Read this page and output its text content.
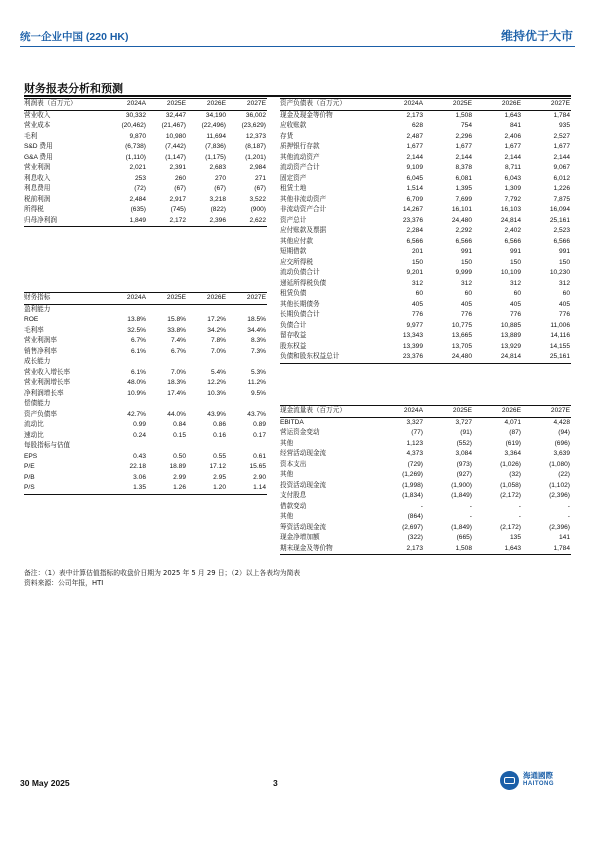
统一企业中国 (220 HK)	维持优于大市
财务报表分析和预测
利润表（百万元）	2024A	2025E	2026E	2027E
营业收入	30,332	32,447	34,190	36,002
营业成本	(20,462)	(21,467)	(22,496)	(23,629)
毛利	9,870	10,980	11,694	12,373
S&D 费用	(6,738)	(7,442)	(7,836)	(8,187)
G&A 费用	(1,110)	(1,147)	(1,175)	(1,201)
营业利润	2,021	2,391	2,683	2,984
利息收入	253	260	270	271
利息费用	(72)	(67)	(67)	(67)
税前利润	2,484	2,917	3,218	3,522
所得税	(635)	(745)	(822)	(900)
归母净利润	1,849	2,172	2,396	2,622
财务指标	2024A	2025E	2026E	2027E
盈利能力				
ROE	13.8%	15.8%	17.2%	18.5%
毛利率	32.5%	33.8%	34.2%	34.4%
营业利润率	6.7%	7.4%	7.8%	8.3%
销售净利率	6.1%	6.7%	7.0%	7.3%
成长能力				
营业收入增长率	6.1%	7.0%	5.4%	5.3%
营业利润增长率	48.0%	18.3%	12.2%	11.2%
净利润增长率	10.9%	17.4%	10.3%	9.5%
偿债能力				
资产负债率	42.7%	44.0%	43.9%	43.7%
流动比	0.99	0.84	0.86	0.89
速动比	0.24	0.15	0.16	0.17
每股指标与估值				
EPS	0.43	0.50	0.55	0.61
P/E	22.18	18.89	17.12	15.65
P/B	3.06	2.99	2.95	2.90
P/S	1.35	1.26	1.20	1.14
资产负债表（百万元）	2024A	2025E	2026E	2027E
现金及现金等价物	2,173	1,508	1,643	1,784
应收账款	628	754	841	935
存货	2,487	2,296	2,406	2,527
质押银行存款	1,677	1,677	1,677	1,677
其他流动资产	2,144	2,144	2,144	2,144
流动资产合计	9,109	8,378	8,711	9,067
固定资产	6,045	6,081	6,043	6,012
租赁土地	1,514	1,395	1,309	1,226
其他非流动资产	6,709	7,699	7,792	7,875
非流动资产合计	14,267	16,101	16,103	16,094
资产总计	23,376	24,480	24,814	25,161
应付账款及票据	2,284	2,292	2,402	2,523
其他应付款	6,566	6,566	6,566	6,566
短期借款	201	991	991	991
应交所得税	150	150	150	150
流动负债合计	9,201	9,999	10,109	10,230
递延所得税负债	312	312	312	312
租赁负债	60	60	60	60
其他长期债务	405	405	405	405
长期负债合计	776	776	776	776
负债合计	9,977	10,775	10,885	11,006
留存收益	13,343	13,665	13,889	14,116
股东权益	13,399	13,705	13,929	14,155
负债和股东权益总计	23,376	24,480	24,814	25,161
现金流量表（百万元）	2024A	2025E	2026E	2027E
EBITDA	3,327	3,727	4,071	4,428
营运资金变动	(77)	(91)	(87)	(94)
其他	1,123	(552)	(619)	(696)
经营活动现金流	4,373	3,084	3,364	3,639
资本支出	(729)	(973)	(1,026)	(1,080)
其他	(1,269)	(927)	(32)	(22)
投资活动现金流	(1,998)	(1,900)	(1,058)	(1,102)
支付股息	(1,834)	(1,849)	(2,172)	(2,396)
借款变动	-	-	-	-
其他	(864)	-	-	-
筹资活动现金流	(2,697)	(1,849)	(2,172)	(2,396)
现金净增加额	(322)	(665)	135	141
期末现金及等价物	2,173	1,508	1,643	1,784
备注：（1）表中计算估值指标的收盘价日期为 2025 年 5 月 29 日；（2）以上各表均为简表
资料来源：公司年报，HTI
30 May 2025	3
海通國際
HAITONG
